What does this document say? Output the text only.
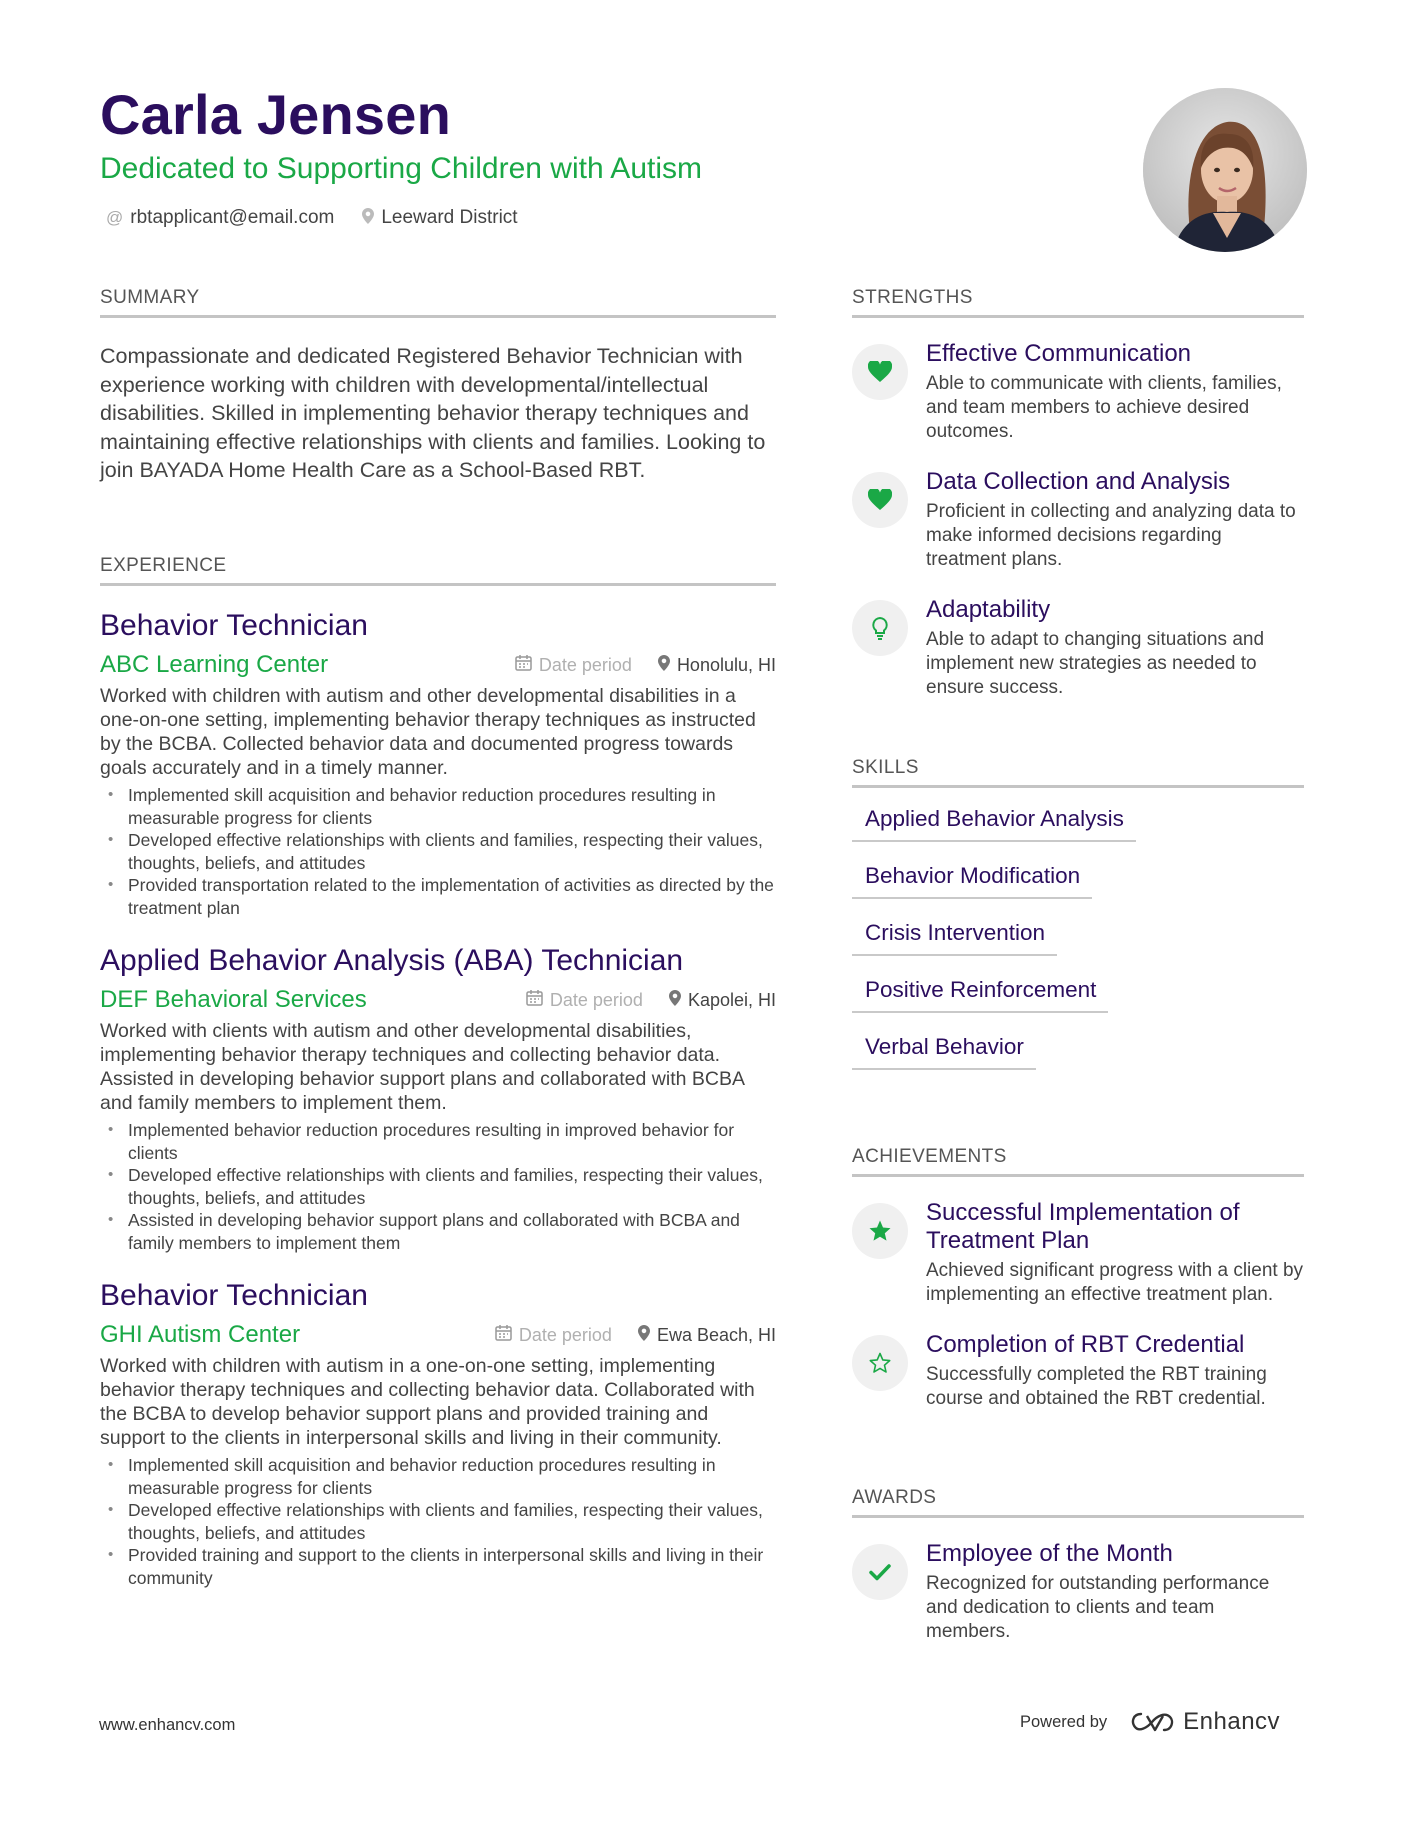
Carla Jensen
Dedicated to Supporting Children with Autism
@ rbtapplicant@email.com Leeward District
SUMMARY
Compassionate and dedicated Registered Behavior Technician with experience working with children with developmental/intellectual disabilities. Skilled in implementing behavior therapy techniques and maintaining effective relationships with clients and families. Looking to join BAYADA Home Health Care as a School-Based RBT.
EXPERIENCE
Behavior Technician
ABC Learning Center	Date period	Honolulu, HI
Worked with children with autism and other developmental disabilities in a one-on-one setting, implementing behavior therapy techniques as instructed by the BCBA. Collected behavior data and documented progress towards goals accurately and in a timely manner.
• Implemented skill acquisition and behavior reduction procedures resulting in measurable progress for clients
• Developed effective relationships with clients and families, respecting their values, thoughts, beliefs, and attitudes
• Provided transportation related to the implementation of activities as directed by the treatment plan
Applied Behavior Analysis (ABA) Technician
DEF Behavioral Services	Date period	Kapolei, HI
Worked with clients with autism and other developmental disabilities, implementing behavior therapy techniques and collecting behavior data. Assisted in developing behavior support plans and collaborated with BCBA and family members to implement them.
• Implemented behavior reduction procedures resulting in improved behavior for clients
• Developed effective relationships with clients and families, respecting their values, thoughts, beliefs, and attitudes
• Assisted in developing behavior support plans and collaborated with BCBA and family members to implement them
Behavior Technician
GHI Autism Center	Date period	Ewa Beach, HI
Worked with children with autism in a one-on-one setting, implementing behavior therapy techniques and collecting behavior data. Collaborated with the BCBA to develop behavior support plans and provided training and support to the clients in interpersonal skills and living in their community.
• Implemented skill acquisition and behavior reduction procedures resulting in measurable progress for clients
• Developed effective relationships with clients and families, respecting their values, thoughts, beliefs, and attitudes
• Provided training and support to the clients in interpersonal skills and living in their community
STRENGTHS
Effective Communication
Able to communicate with clients, families, and team members to achieve desired outcomes.
Data Collection and Analysis
Proficient in collecting and analyzing data to make informed decisions regarding treatment plans.
Adaptability
Able to adapt to changing situations and implement new strategies as needed to ensure success.
SKILLS
Applied Behavior Analysis
Behavior Modification
Crisis Intervention
Positive Reinforcement
Verbal Behavior
ACHIEVEMENTS
Successful Implementation of Treatment Plan
Achieved significant progress with a client by implementing an effective treatment plan.
Completion of RBT Credential
Successfully completed the RBT training course and obtained the RBT credential.
AWARDS
Employee of the Month
Recognized for outstanding performance and dedication to clients and team members.
www.enhancv.com	Powered by	Enhancv
